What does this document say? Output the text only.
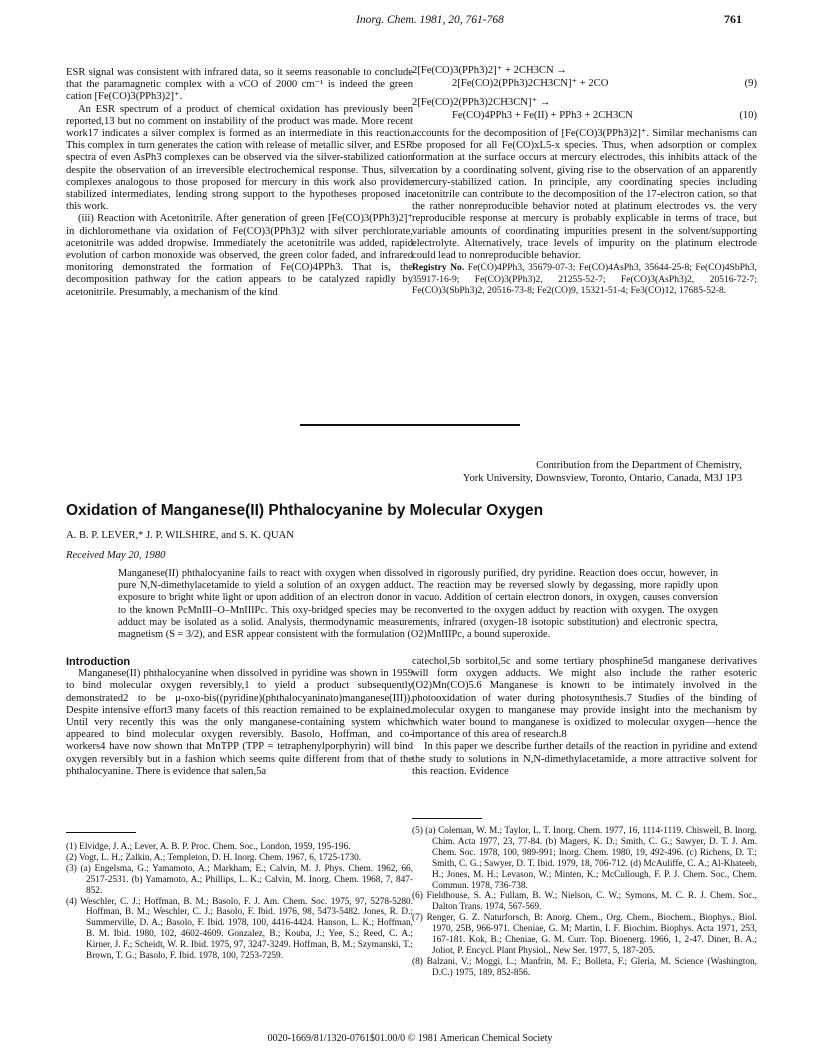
Inorg. Chem. 1981, 20, 761-768	761

ESR signal was consistent with infrared data, so it seems reasonable to conclude that the paramagnetic complex with a νCO of 2000 cm⁻¹ is indeed the green cation [Fe(CO)3(PPh3)2]⁺.

An ESR spectrum of a product of chemical oxidation has previously been reported,13 but no comment on instability of the product was made. More recent work17 indicates a silver complex is formed as an intermediate in this reaction. This complex in turn generates the cation with release of metallic silver, and ESR spectra of even AsPh3 complexes can be observed via the silver-stabilized cation despite the observation of an irreversible electrochemical response. Thus, silver complexes analogous to those proposed for mercury in this work also provide stabilized intermediates, lending strong support to the hypotheses proposed in this work.

(iii) Reaction with Acetonitrile. After generation of green [Fe(CO)3(PPh3)2]⁺ in dichloromethane via oxidation of Fe(CO)3(PPh3)2 with silver perchlorate, acetonitrile was added dropwise. Immediately the acetonitrile was added, rapid evolution of carbon monoxide was observed, the green color faded, and infrared monitoring demonstrated the formation of Fe(CO)4PPh3. That is, the decomposition pathway for the cation appears to be catalyzed rapidly by acetonitrile. Presumably, a mechanism of the kind

2[Fe(CO)3(PPh3)2]⁺ + 2CH3CN →

2[Fe(CO)2(PPh3)2CH3CN]⁺ + 2CO	(9)

2[Fe(CO)2(PPh3)2CH3CN]⁺ →

Fe(CO)4PPh3 + Fe(II) + PPh3 + 2CH3CN	(10)

accounts for the decomposition of [Fe(CO)3(PPh3)2]⁺. Similar mechanisms can be proposed for all Fe(CO)xL5-x species. Thus, when adsorption or complex formation at the surface occurs at mercury electrodes, this inhibits attack of the cation by a coordinating solvent, giving rise to the observation of an apparently mercury-stabilized cation. In principle, any coordinating species including acetonitrile can contribute to the decomposition of the 17-electron cation, so that the rather nonreproducible behavior noted at platinum electrodes vs. the very reproducible response at mercury is probably explicable in terms of trace, but variable amounts of coordinating impurities present in the solvent/supporting electrolyte. Alternatively, trace levels of impurity on the platinum electrode could lead to nonreproducible behavior.

Registry No. Fe(CO)4PPh3, 35679-07-3; Fe(CO)4AsPh3, 35644-25-8; Fe(CO)4SbPh3, 35917-16-9; Fe(CO)3(PPh3)2, 21255-52-7; Fe(CO)3(AsPh3)2, 20516-72-7; Fe(CO)3(SbPh3)2, 20516-73-8; Fe2(CO)9, 15321-51-4; Fe3(CO)12, 17685-52-8.

Contribution from the Department of Chemistry,
York University, Downsview, Toronto, Ontario, Canada, M3J 1P3
Oxidation of Manganese(II) Phthalocyanine by Molecular Oxygen
A. B. P. LEVER,* J. P. WILSHIRE, and S. K. QUAN
Received May 20, 1980
Manganese(II) phthalocyanine fails to react with oxygen when dissolved in rigorously purified, dry pyridine. Reaction does occur, however, in pure N,N-dimethylacetamide to yield a solution of an oxygen adduct. The reaction may be reversed slowly by degassing, more rapidly upon exposure to bright white light or upon addition of an electron donor in vacuo. Addition of certain electron donors, in oxygen, causes conversion to the known PcMnIII–O–MnIIIPc. This oxy-bridged species may be reconverted to the oxygen adduct by reaction with oxygen. The oxygen adduct may be isolated as a solid. Analysis, thermodynamic measurements, infrared (oxygen-18 isotopic substitution) and electronic spectra, magnetism (S = 3/2), and ESR appear consistent with the formulation (O2)MnIIIPc, a bound superoxide.

Introduction

Manganese(II) phthalocyanine when dissolved in pyridine was shown in 1959 to bind molecular oxygen reversibly,1 to yield a product subsequently demonstrated2 to be μ-oxo-bis((pyridine)(phthalocyaninato)manganese(III)). Despite intensive effort3 many facets of this reaction remained to be explained. Until very recently this was the only manganese-containing system which appeared to bind molecular oxygen reversibly. Basolo, Hoffman, and co-workers4 have now shown that MnTPP (TPP = tetraphenylporphyrin) will bind oxygen reversibly but in a fashion which seems quite different from that of the phthalocyanine. There is evidence that salen,5a

catechol,5b sorbitol,5c and some tertiary phosphine5d manganese derivatives will form oxygen adducts. We might also include the rather esoteric (O2)Mn(CO)5.6 Manganese is known to be intimately involved in the photooxidation of water during photosynthesis.7 Studies of the binding of molecular oxygen to manganese may provide insight into the mechanism by which water bound to manganese is oxidized to molecular oxygen—hence the importance of this area of research.8

In this paper we describe further details of the reaction in pyridine and extend the study to solutions in N,N-dimethylacetamide, a more attractive solvent for this reaction. Evidence

(1) Elvidge, J. A.; Lever, A. B. P. Proc. Chem. Soc., London, 1959, 195-196.

(2) Vogt, L. H.; Zalkin, A.; Templeton, D. H. Inorg. Chem. 1967, 6, 1725-1730.

(3) (a) Engelsma, G.; Yamamoto, A.; Markham, E.; Calvin, M. J. Phys. Chem. 1962, 66, 2517-2531. (b) Yamamoto, A.; Phillips, L. K.; Calvin, M. Inorg. Chem. 1968, 7, 847-852.

(4) Weschler, C. J.; Hoffman, B. M.; Basolo, F. J. Am. Chem. Soc. 1975, 97, 5278-5280. Hoffman, B. M.; Weschler, C. J.; Basolo, F. Ibid. 1976, 98, 5473-5482. Jones, R. D.; Summerville, D. A.; Basolo, F. Ibid. 1978, 100, 4416-4424. Hanson, L. K.; Hoffman, B. M. Ibid. 1980, 102, 4602-4609. Gonzalez, B.; Kouba, J.; Yee, S.; Reed, C. A.; Kirner, J. F.; Scheidt, W. R. Ibid. 1975, 97, 3247-3249. Hoffman, B. M.; Szymanski, T.; Brown, T. G.; Basolo, F. Ibid. 1978, 100, 7253-7259.

(5) (a) Coleman, W. M.; Taylor, L. T. Inorg. Chem. 1977, 16, 1114-1119. Chiswell, B. Inorg. Chim. Acta 1977, 23, 77-84. (b) Magers, K. D.; Smith, C. G.; Sawyer, D. T. J. Am. Chem. Soc. 1978, 100, 989-991; Inorg. Chem. 1980, 19, 492-496. (c) Richens, D. T.; Smith, C. G.; Sawyer, D. T. Ibid. 1979, 18, 706-712. (d) McAuliffe, C. A.; Al-Khateeb, H.; Jones, M. H.; Levason, W.; Minten, K.; McCullough, F. P. J. Chem. Soc., Chem. Commun. 1978, 736-738.

(6) Fieldhouse, S. A.; Fullam, B. W.; Nielson, C. W.; Symons, M. C. R. J. Chem. Soc., Dalton Trans. 1974, 567-569.

(7) Renger, G. Z. Naturforsch, B: Anorg. Chem., Org. Chem., Biochem., Biophys., Biol. 1970, 25B, 966-971. Cheniae, G. M; Martin, I. F. Biochim. Biophys. Acta 1971, 253, 167-181. Kok, B.; Cheniae, G. M. Curr. Top. Bioenerg. 1966, 1, 2-47. Diner, B. A.; Joliot, P. Encycl. Plant Physiol., New Ser. 1977, 5, 187-205.

(8) Balzani, V.; Moggi, L.; Manfrin, M. F.; Bolleta, F.; Gleria, M. Science (Washington, D.C.) 1975, 189, 852-856.

0020-1669/81/1320-0761$01.00/0 © 1981 American Chemical Society
